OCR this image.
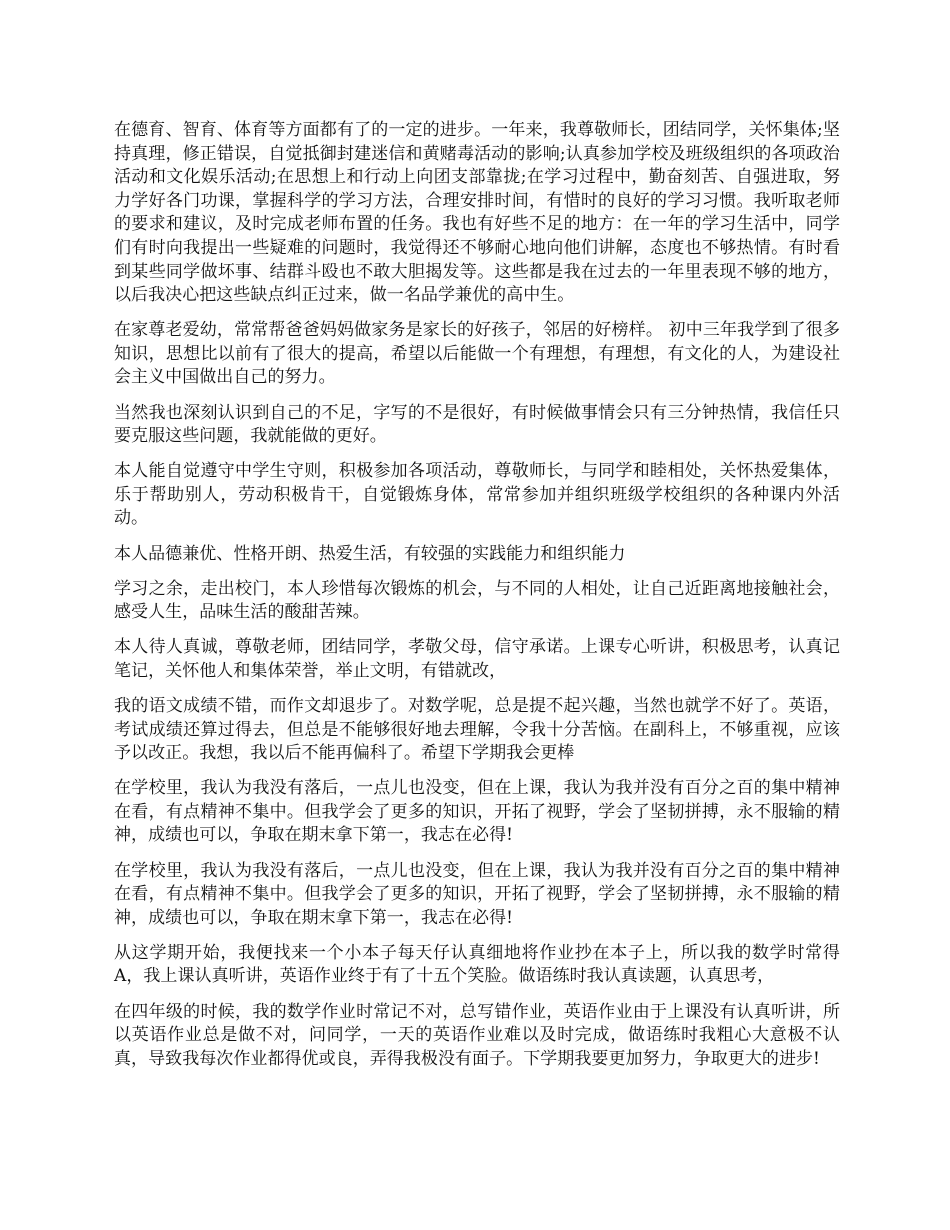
在德育、智育、体育等方面都有了的一定的进步。一年来，我尊敬师长，团结同学，关怀集体;坚持真理，修正错误，自觉抵御封建迷信和黄赌毒活动的影响;认真参加学校及班级组织的各项政治活动和文化娱乐活动;在思想上和行动上向团支部靠拢;在学习过程中，勤奋刻苦、自强进取，努力学好各门功课，掌握科学的学习方法，合理安排时间，有惜时的良好的学习习惯。我听取老师的要求和建议，及时完成老师布置的任务。我也有好些不足的地方：在一年的学习生活中，同学们有时向我提出一些疑难的问题时，我觉得还不够耐心地向他们讲解，态度也不够热情。有时看到某些同学做坏事、结群斗殴也不敢大胆揭发等。这些都是我在过去的一年里表现不够的地方，以后我决心把这些缺点纠正过来，做一名品学兼优的高中生。

在家尊老爱幼，常常帮爸爸妈妈做家务是家长的好孩子，邻居的好榜样。 初中三年我学到了很多知识，思想比以前有了很大的提高，希望以后能做一个有理想，有理想，有文化的人，为建设社会主义中国做出自己的努力。

当然我也深刻认识到自己的不足，字写的不是很好，有时候做事情会只有三分钟热情，我信任只要克服这些问题，我就能做的更好。

本人能自觉遵守中学生守则，积极参加各项活动，尊敬师长，与同学和睦相处，关怀热爱集体，乐于帮助别人，劳动积极肯干，自觉锻炼身体，常常参加并组织班级学校组织的各种课内外活动。

本人品德兼优、性格开朗、热爱生活，有较强的实践能力和组织能力

学习之余，走出校门，本人珍惜每次锻炼的机会，与不同的人相处，让自己近距离地接触社会，感受人生，品味生活的酸甜苦辣。

本人待人真诚，尊敬老师，团结同学，孝敬父母，信守承诺。上课专心听讲，积极思考，认真记笔记，关怀他人和集体荣誉，举止文明，有错就改，

我的语文成绩不错，而作文却退步了。对数学呢，总是提不起兴趣，当然也就学不好了。英语，考试成绩还算过得去，但总是不能够很好地去理解，令我十分苦恼。在副科上，不够重视，应该予以改正。我想，我以后不能再偏科了。希望下学期我会更棒

在学校里，我认为我没有落后，一点儿也没变，但在上课，我认为我并没有百分之百的集中精神在看，有点精神不集中。但我学会了更多的知识，开拓了视野，学会了坚韧拼搏，永不服输的精神，成绩也可以，争取在期末拿下第一，我志在必得!

在学校里，我认为我没有落后，一点儿也没变，但在上课，我认为我并没有百分之百的集中精神在看，有点精神不集中。但我学会了更多的知识，开拓了视野，学会了坚韧拼搏，永不服输的精神，成绩也可以，争取在期末拿下第一，我志在必得!

从这学期开始，我便找来一个小本子每天仔认真细地将作业抄在本子上，所以我的数学时常得 A，我上课认真听讲，英语作业终于有了十五个笑脸。做语练时我认真读题，认真思考，

在四年级的时候，我的数学作业时常记不对，总写错作业，英语作业由于上课没有认真听讲，所以英语作业总是做不对，问同学，一天的英语作业难以及时完成，做语练时我粗心大意极不认真，导致我每次作业都得优或良，弄得我极没有面子。下学期我要更加努力，争取更大的进步!
